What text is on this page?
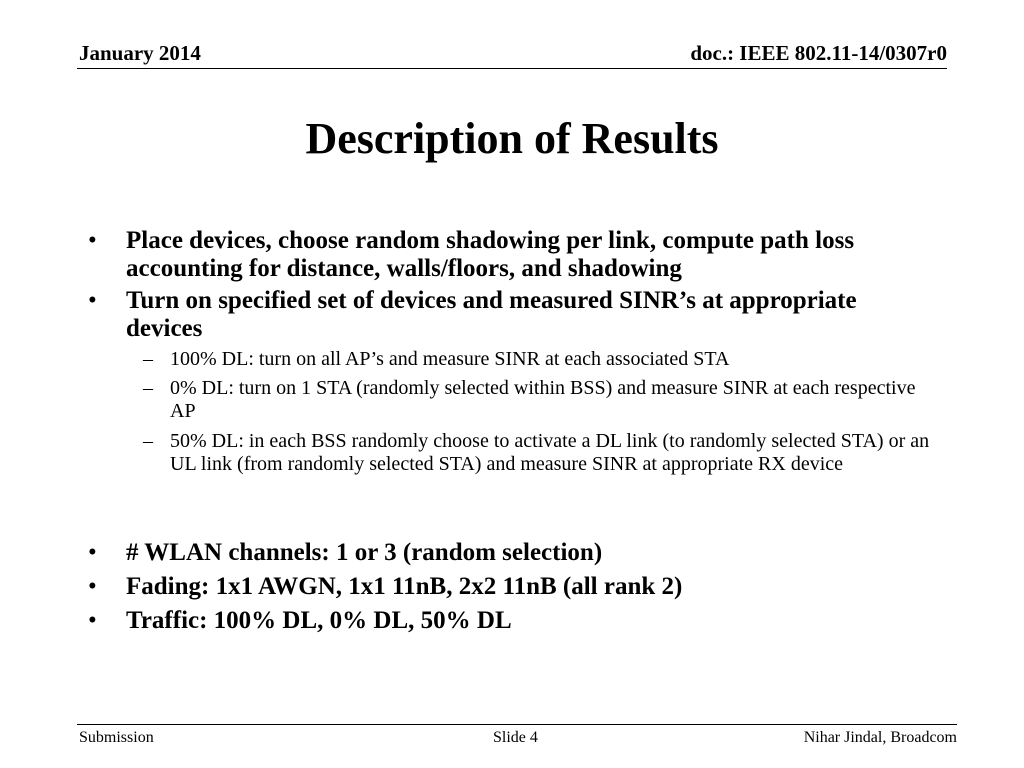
January 2014	doc.: IEEE 802.11-14/0307r0
Description of Results
• Place devices, choose random shadowing per link, compute path loss accounting for distance, walls/floors, and shadowing
• Turn on specified set of devices and measured SINR’s at appropriate devices
– 100% DL: turn on all AP’s and measure SINR at each associated STA
– 0% DL: turn on 1 STA (randomly selected within BSS) and measure SINR at each respective AP
– 50% DL: in each BSS randomly choose to activate a DL link (to randomly selected STA) or an UL link (from randomly selected STA) and measure SINR at appropriate RX device
• # WLAN channels: 1 or 3 (random selection)
• Fading: 1x1 AWGN, 1x1 11nB, 2x2 11nB (all rank 2)
• Traffic: 100% DL, 0% DL, 50% DL
Submission	Slide 4	Nihar Jindal, Broadcom
